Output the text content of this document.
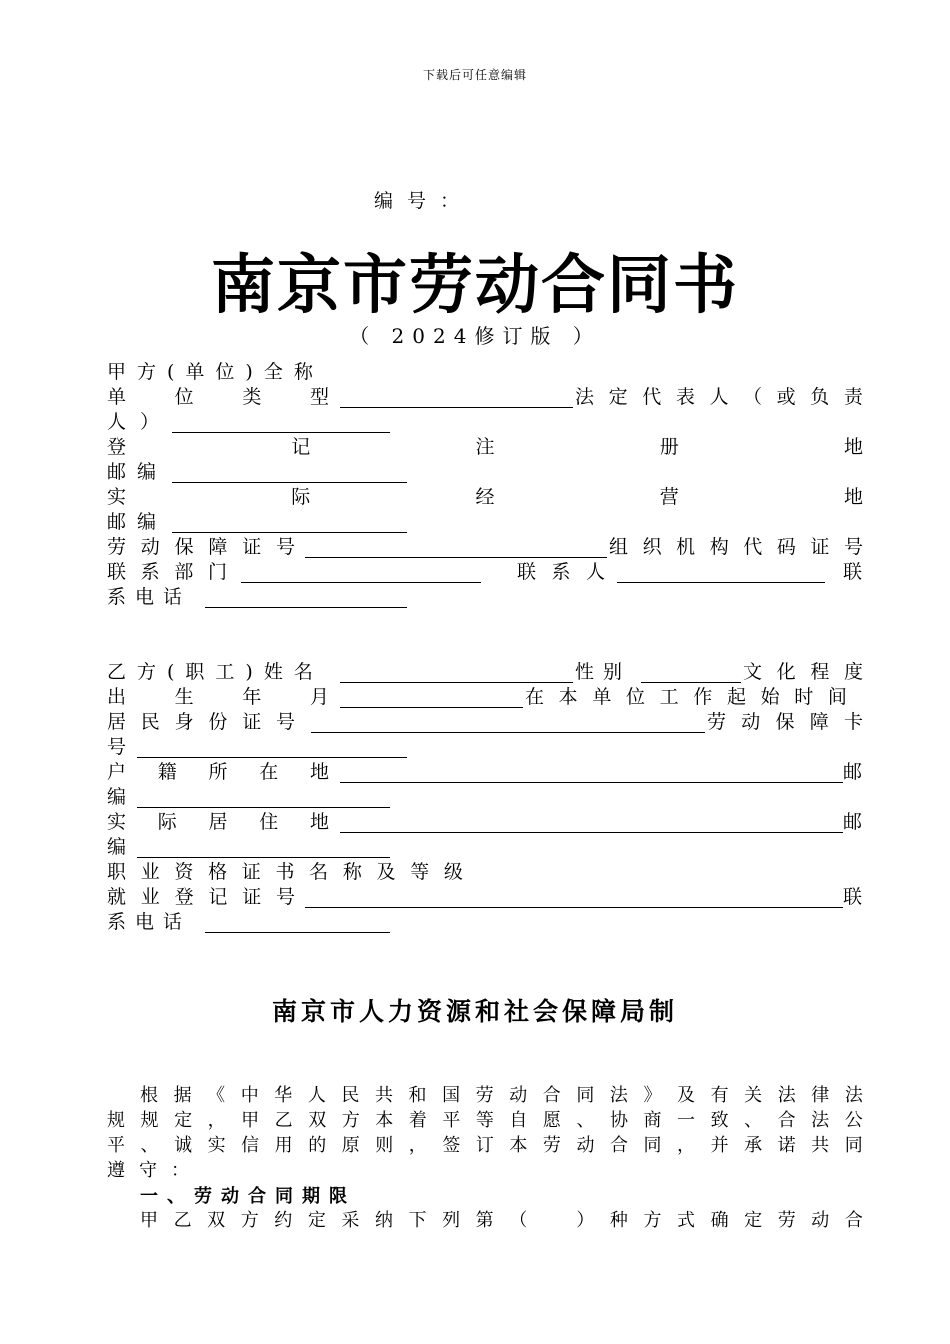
下载后可任意编辑
编号：
南京市劳动合同书
（ 2024修订版 ）
甲方(单位)全称
单	位	类	型	法 定 代 表 人 （ 或 负 责
人）
登	记	注	册	地
邮编
实	际	经	营	地
邮编
劳 动 保 障 证 号	组 织 机 构 代 码 证 号
联 系 部 门	联 系 人	联
系电话
乙方(职工)姓名	性别	文 化 程 度
出	生	年	月	在 本 单 位 工 作 起 始 时 间
居 民 身 份 证 号	劳 动 保 障 卡
号
户 籍 所 在 地	邮
编
实 际 居 住 地	邮
编
职 业 资 格 证 书 名 称 及 等 级
就 业 登 记 证 号	联
系电话
南京市人力资源和社会保障局制
根 据 《 中 华 人 民 共 和 国 劳 动 合 同 法 》 及 有 关 法 律 法
规 规 定 ， 甲 乙 双 方 本 着 平 等 自 愿 、 协 商 一 致 、 合 法 公
平 、 诚 实 信 用 的 原 则 ， 签 订 本 劳 动 合 同 ， 并 承 诺 共 同
遵守：
一、劳动合同期限
甲 乙 双 方 约 定 采 纳 下 列 第 （
　	） 种 方 式 确 定 劳 动 合
